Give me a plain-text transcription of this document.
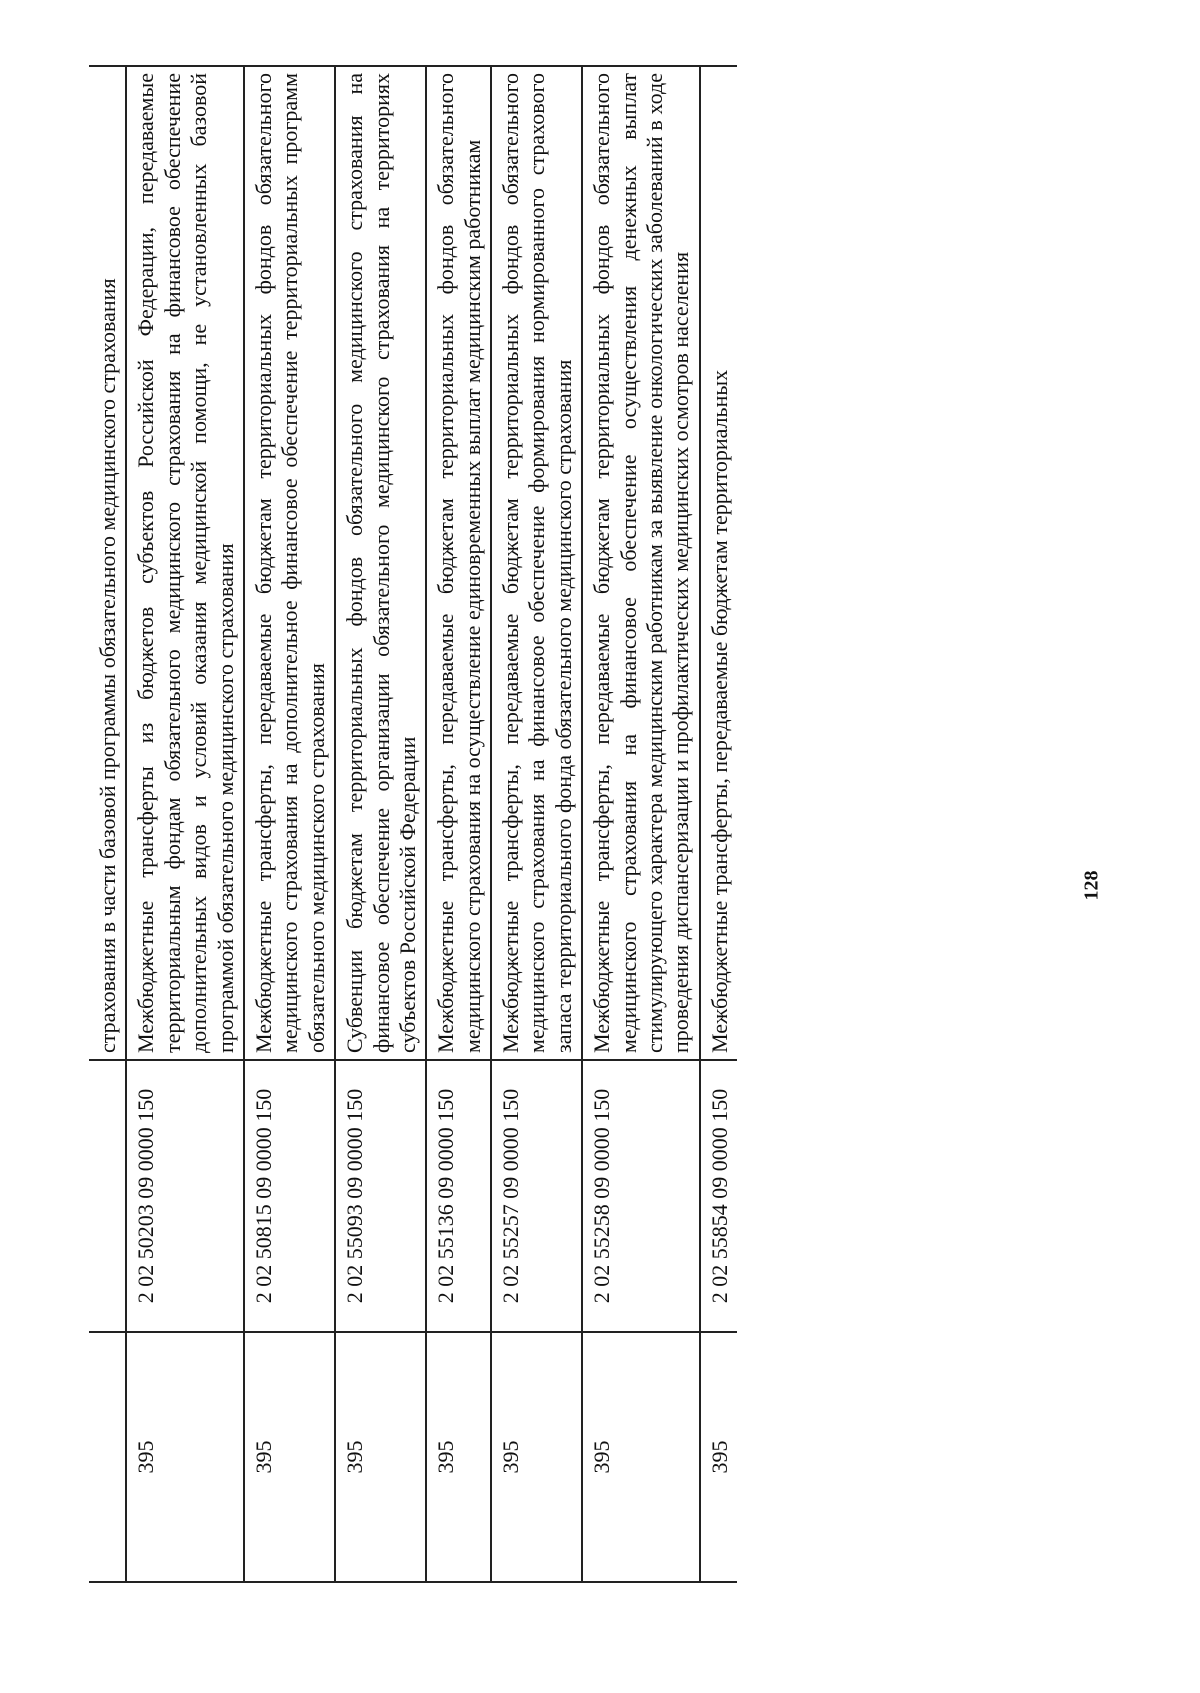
		страхования в части базовой программы обязательного медицинского страхования
395	2 02 50203 09 0000 150	Межбюджетные трансферты из бюджетов субъектов Российской Федерации, передаваемые территориальным фондам обязательного медицинского страхования на финансовое обеспечение дополнительных видов и условий оказания медицинской помощи, не установленных базовой программой обязательного медицинского страхования
395	2 02 50815 09 0000 150	Межбюджетные трансферты, передаваемые бюджетам территориальных фондов обязательного медицинского страхования на дополнительное финансовое обеспечение территориальных программ обязательного медицинского страхования
395	2 02 55093 09 0000 150	Субвенции бюджетам территориальных фондов обязательного медицинского страхования на финансовое обеспечение организации обязательного медицинского страхования на территориях субъектов Российской Федерации
395	2 02 55136 09 0000 150	Межбюджетные трансферты, передаваемые бюджетам территориальных фондов обязательного медицинского страхования на осуществление единовременных выплат медицинским работникам
395	2 02 55257 09 0000 150	Межбюджетные трансферты, передаваемые бюджетам территориальных фондов обязательного медицинского страхования на финансовое обеспечение формирования нормированного страхового запаса территориального фонда обязательного медицинского страхования
395	2 02 55258 09 0000 150	Межбюджетные трансферты, передаваемые бюджетам территориальных фондов обязательного медицинского страхования на финансовое обеспечение осуществления денежных выплат стимулирующего характера медицинским работникам за выявление онкологических заболеваний в ходе проведения диспансеризации и профилактических медицинских осмотров населения
395	2 02 55854 09 0000 150	Межбюджетные трансферты, передаваемые бюджетам территориальных	128
